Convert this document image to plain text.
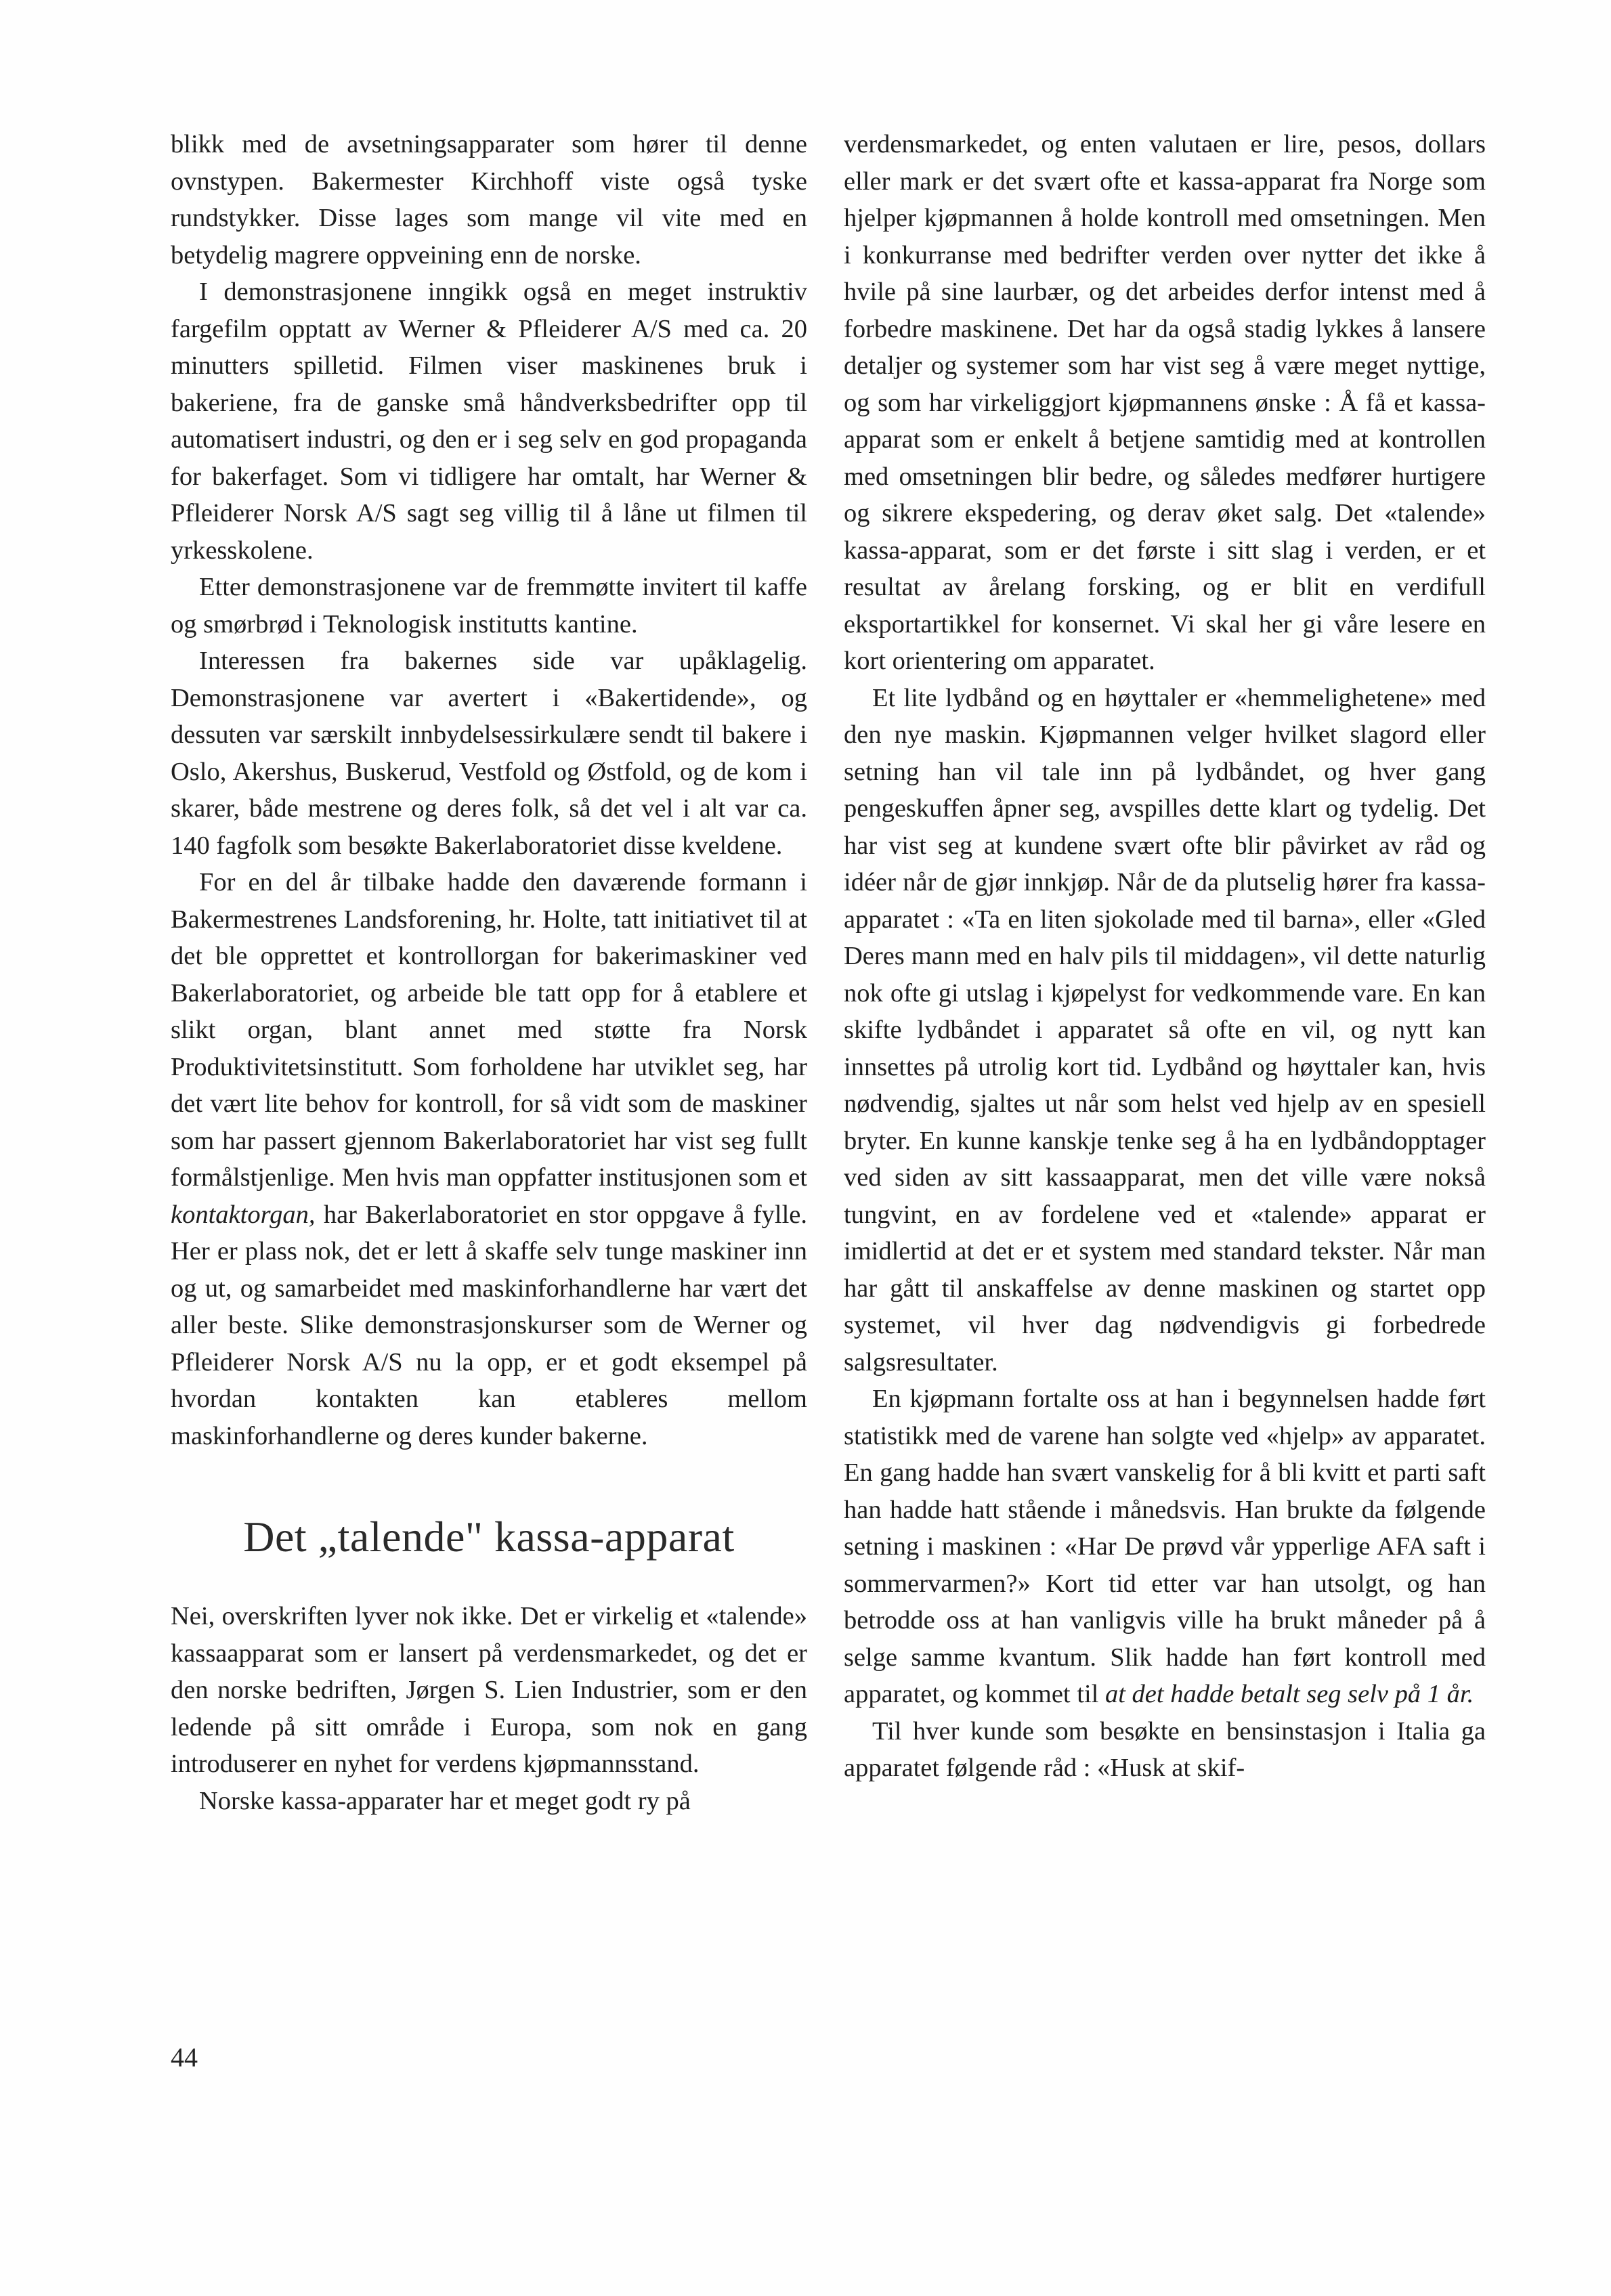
blikk med de avsetningsapparater som hører til denne ovnstypen. Bakermester Kirchhoff viste også tyske rundstykker. Disse lages som mange vil vite med en betydelig magrere oppveining enn de norske.

I demonstrasjonene inngikk også en meget instruktiv fargefilm opptatt av Werner & Pfleiderer A/S med ca. 20 minutters spilletid. Filmen viser maskinenes bruk i bakeriene, fra de ganske små håndverksbedrifter opp til automatisert industri, og den er i seg selv en god propaganda for bakerfaget. Som vi tidligere har omtalt, har Werner & Pfleiderer Norsk A/S sagt seg villig til å låne ut filmen til yrkesskolene.

Etter demonstrasjonene var de fremmøtte invitert til kaffe og smørbrød i Teknologisk institutts kantine.

Interessen fra bakernes side var upåklagelig. Demonstrasjonene var avertert i «Bakertidende», og dessuten var særskilt innbydelsessirkulære sendt til bakere i Oslo, Akershus, Buskerud, Vestfold og Østfold, og de kom i skarer, både mestrene og deres folk, så det vel i alt var ca. 140 fagfolk som besøkte Bakerlaboratoriet disse kveldene.

For en del år tilbake hadde den daværende formann i Bakermestrenes Landsforening, hr. Holte, tatt initiativet til at det ble opprettet et kontrollorgan for bakerimaskiner ved Bakerlaboratoriet, og arbeide ble tatt opp for å etablere et slikt organ, blant annet med støtte fra Norsk Produktivitetsinstitutt. Som forholdene har utviklet seg, har det vært lite behov for kontroll, for så vidt som de maskiner som har passert gjennom Bakerlaboratoriet har vist seg fullt formålstjenlige. Men hvis man oppfatter institusjonen som et kontaktorgan, har Bakerlaboratoriet en stor oppgave å fylle. Her er plass nok, det er lett å skaffe selv tunge maskiner inn og ut, og samarbeidet med maskinforhandlerne har vært det aller beste. Slike demonstrasjonskurser som de Werner og Pfleiderer Norsk A/S nu la opp, er et godt eksempel på hvordan kontakten kan etableres mellom maskinforhandlerne og deres kunder bakerne.

Det „talende" kassa-apparat

Nei, overskriften lyver nok ikke. Det er virkelig et «talende» kassaapparat som er lansert på verdensmarkedet, og det er den norske bedriften, Jørgen S. Lien Industrier, som er den ledende på sitt område i Europa, som nok en gang introduserer en nyhet for verdens kjøpmannsstand.

Norske kassa-apparater har et meget godt ry på

verdensmarkedet, og enten valutaen er lire, pesos, dollars eller mark er det svært ofte et kassa-apparat fra Norge som hjelper kjøpmannen å holde kontroll med omsetningen. Men i konkurranse med bedrifter verden over nytter det ikke å hvile på sine laurbær, og det arbeides derfor intenst med å forbedre maskinene. Det har da også stadig lykkes å lansere detaljer og systemer som har vist seg å være meget nyttige, og som har virkeliggjort kjøpmannens ønske : Å få et kassa-apparat som er enkelt å betjene samtidig med at kontrollen med omsetningen blir bedre, og således medfører hurtigere og sikrere ekspedering, og derav øket salg. Det «talende» kassa-apparat, som er det første i sitt slag i verden, er et resultat av årelang forsking, og er blit en verdifull eksportartikkel for konsernet. Vi skal her gi våre lesere en kort orientering om apparatet.

Et lite lydbånd og en høyttaler er «hemmelighetene» med den nye maskin. Kjøpmannen velger hvilket slagord eller setning han vil tale inn på lydbåndet, og hver gang pengeskuffen åpner seg, avspilles dette klart og tydelig. Det har vist seg at kundene svært ofte blir påvirket av råd og idéer når de gjør innkjøp. Når de da plutselig hører fra kassa-apparatet : «Ta en liten sjokolade med til barna», eller «Gled Deres mann med en halv pils til middagen», vil dette naturlig nok ofte gi utslag i kjøpelyst for vedkommende vare. En kan skifte lydbåndet i apparatet så ofte en vil, og nytt kan innsettes på utrolig kort tid. Lydbånd og høyttaler kan, hvis nødvendig, sjaltes ut når som helst ved hjelp av en spesiell bryter. En kunne kanskje tenke seg å ha en lydbåndopptager ved siden av sitt kassaapparat, men det ville være nokså tungvint, en av fordelene ved et «talende» apparat er imidlertid at det er et system med standard tekster. Når man har gått til anskaffelse av denne maskinen og startet opp systemet, vil hver dag nødvendigvis gi forbedrede salgsresultater.

En kjøpmann fortalte oss at han i begynnelsen hadde ført statistikk med de varene han solgte ved «hjelp» av apparatet. En gang hadde han svært vanskelig for å bli kvitt et parti saft han hadde hatt stående i månedsvis. Han brukte da følgende setning i maskinen : «Har De prøvd vår ypperlige AFA saft i sommervarmen?» Kort tid etter var han utsolgt, og han betrodde oss at han vanligvis ville ha brukt måneder på å selge samme kvantum. Slik hadde han ført kontroll med apparatet, og kommet til at det hadde betalt seg selv på 1 år.

Til hver kunde som besøkte en bensinstasjon i Italia ga apparatet følgende råd : «Husk at skif-

44
